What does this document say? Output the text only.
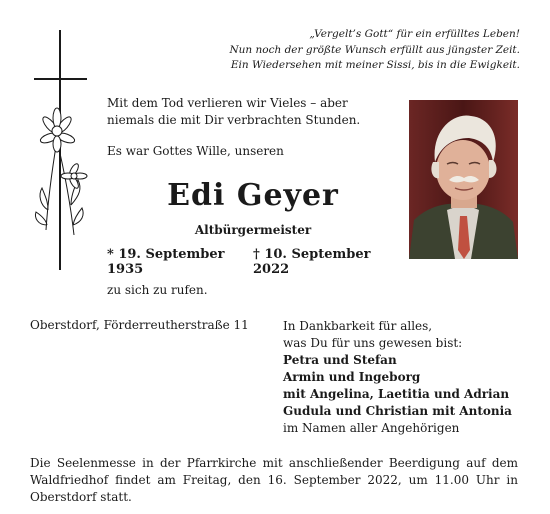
„Vergelt’s Gott“ für ein erfülltes Leben!
Nun noch der größte Wunsch erfüllt aus jüngster Zeit.
Ein Wiedersehen mit meiner Sissi, bis in die Ewigkeit.

Mit dem Tod verlieren wir Vieles – aber niemals die mit Dir verbrachten Stunden.

Es war Gottes Wille, unseren

Edi Geyer
Altbürgermeister
* 19. September 1935
† 10. September 2022
zu sich zu rufen.
Oberstdorf, Förderreutherstraße 11	In Dankbarkeit für alles,
was Du für uns gewesen bist:
Petra und Stefan
Armin und Ingeborg
mit Angelina, Laetitia und Adrian
Gudula und Christian mit Antonia
im Namen aller Angehörigen
Die Seelenmesse in der Pfarrkirche mit anschließender Beerdigung auf dem Waldfriedhof findet am Freitag, den 16. September 2022, um 11.00 Uhr in Oberstdorf statt.
